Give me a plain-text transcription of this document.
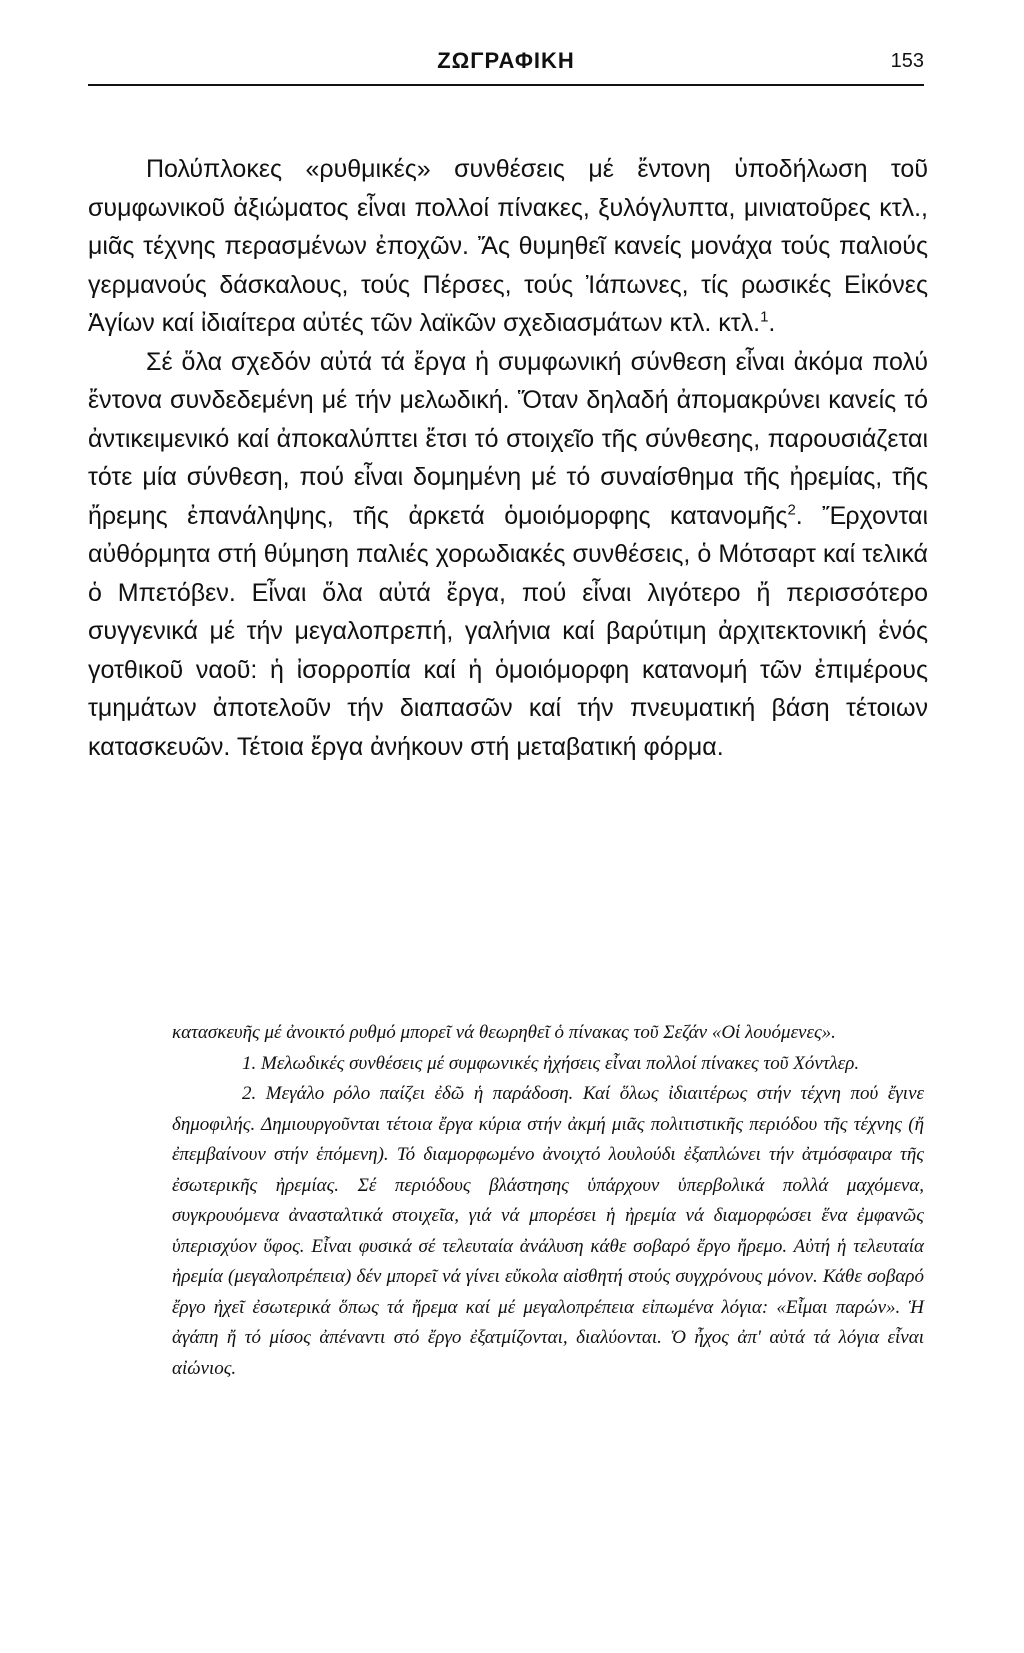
ΖΩΓΡΑΦΙΚΗ	153

Πολύπλοκες «ρυθμικές» συνθέσεις μέ ἔντονη ὑποδήλωση τοῦ συμφωνικοῦ ἀξιώματος εἶναι πολλοί πίνακες, ξυλόγλυπτα, μινιατοῦρες κτλ., μιᾶς τέχνης περασμένων ἐποχῶν. Ἄς θυμηθεῖ κανείς μονάχα τούς παλιούς γερμανούς δάσκαλους, τούς Πέρσες, τούς Ἰάπωνες, τίς ρωσικές Εἰκόνες Ἁγίων καί ἰδιαίτερα αὐτές τῶν λαϊκῶν σχεδιασμάτων κτλ. κτλ.$^1$.

Σέ ὅλα σχεδόν αὐτά τά ἔργα ἡ συμφωνική σύνθεση εἶναι ἀκόμα πολύ ἔντονα συνδεδεμένη μέ τήν μελωδική. Ὅταν δηλαδή ἀπομακρύνει κανείς τό ἀντικειμενικό καί ἀποκαλύπτει ἔτσι τό στοιχεῖο τῆς σύνθεσης, παρουσιάζεται τότε μία σύνθεση, πού εἶναι δομημένη μέ τό συναίσθημα τῆς ἠρεμίας, τῆς ἤρεμης ἐπανάληψης, τῆς ἀρκετά ὁμοιόμορφης κατανομῆς$^2$. Ἔρχονται αὐθόρμητα στή θύμηση παλιές χορωδιακές συνθέσεις, ὁ Μότσαρτ καί τελικά ὁ Μπετόβεν. Εἶναι ὅλα αὐτά ἔργα, πού εἶναι λιγότερο ἤ περισσότερο συγγενικά μέ τήν μεγαλοπρεπή, γαλήνια καί βαρύτιμη ἀρχιτεκτονική ἑνός γοτθικοῦ ναοῦ: ἡ ἰσορροπία καί ἡ ὁμοιόμορφη κατανομή τῶν ἐπιμέρους τμημάτων ἀποτελοῦν τήν διαπασῶν καί τήν πνευματική βάση τέτοιων κατασκευῶν. Τέτοια ἔργα ἀνήκουν στή μεταβατική φόρμα.

κατασκευῆς μέ ἀνοικτό ρυθμό μπορεῖ νά θεωρηθεῖ ὁ πίνακας τοῦ Σεζάν «Οἱ λουόμενες».

1. Μελωδικές συνθέσεις μέ συμφωνικές ἠχήσεις εἶναι πολλοί πίνακες τοῦ Χόντλερ.

2. Μεγάλο ρόλο παίζει ἐδῶ ἡ παράδοση. Καί ὅλως ἰδιαιτέρως στήν τέχνη πού ἔγινε δημοφιλής. Δημιουργοῦνται τέτοια ἔργα κύρια στήν ἀκμή μιᾶς πολιτιστικῆς περιόδου τῆς τέχνης (ἤ ἐπεμβαίνουν στήν ἑπόμενη). Τό διαμορφωμένο ἀνοιχτό λουλούδι ἐξαπλώνει τήν ἀτμόσφαιρα τῆς ἐσωτερικῆς ἠρεμίας. Σέ περιόδους βλάστησης ὑπάρχουν ὑπερβολικά πολλά μαχόμενα, συγκρουόμενα ἀνασταλτικά στοιχεῖα, γιά νά μπορέσει ἡ ἠρεμία νά διαμορφώσει ἕνα ἐμφανῶς ὑπερισχύον ὕφος. Εἶναι φυσικά σέ τελευταία ἀνάλυση κάθε σοβαρό ἔργο ἤρεμο. Αὐτή ἡ τελευταία ἠρεμία (μεγαλοπρέπεια) δέν μπορεῖ νά γίνει εὔκολα αἰσθητή στούς συγχρόνους μόνον. Κάθε σοβαρό ἔργο ἠχεῖ ἐσωτερικά ὅπως τά ἤρεμα καί μέ μεγαλοπρέπεια εἰπωμένα λόγια: «Εἶμαι παρών». Ἡ ἀγάπη ἤ τό μίσος ἀπέναντι στό ἔργο ἐξατμίζονται, διαλύονται. Ὁ ἦχος ἀπ' αὐτά τά λόγια εἶναι αἰώνιος.
